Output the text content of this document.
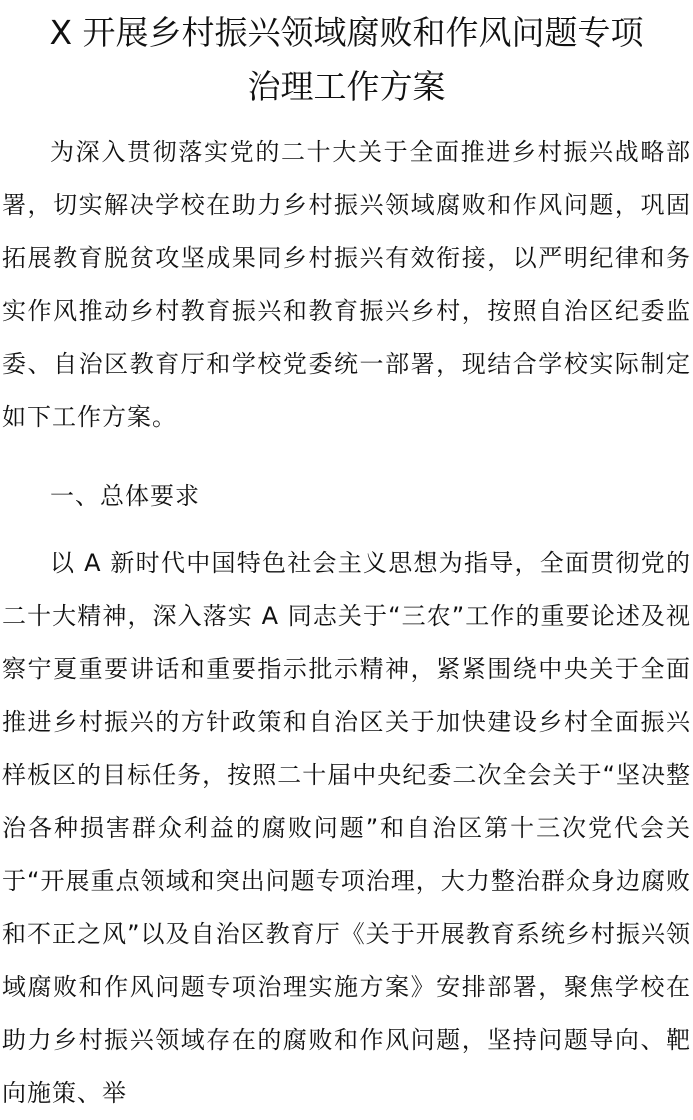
X 开展乡村振兴领域腐败和作风问题专项
治理工作方案

为深入贯彻落实党的二十大关于全面推进乡村振兴战略部署，切实解决学校在助力乡村振兴领域腐败和作风问题，巩固拓展教育脱贫攻坚成果同乡村振兴有效衔接，以严明纪律和务实作风推动乡村教育振兴和教育振兴乡村，按照自治区纪委监委、自治区教育厅和学校党委统一部署，现结合学校实际制定如下工作方案。

一、总体要求

以 A 新时代中国特色社会主义思想为指导，全面贯彻党的二十大精神，深入落实 A 同志关于“三农”工作的重要论述及视察宁夏重要讲话和重要指示批示精神，紧紧围绕中央关于全面推进乡村振兴的方针政策和自治区关于加快建设乡村全面振兴样板区的目标任务，按照二十届中央纪委二次全会关于“坚决整治各种损害群众利益的腐败问题”和自治区第十三次党代会关于“开展重点领域和突出问题专项治理，大力整治群众身边腐败和不正之风”以及自治区教育厅《关于开展教育系统乡村振兴领域腐败和作风问题专项治理实施方案》安排部署，聚焦学校在助力乡村振兴领域存在的腐败和作风问题，坚持问题导向、靶向施策、举
